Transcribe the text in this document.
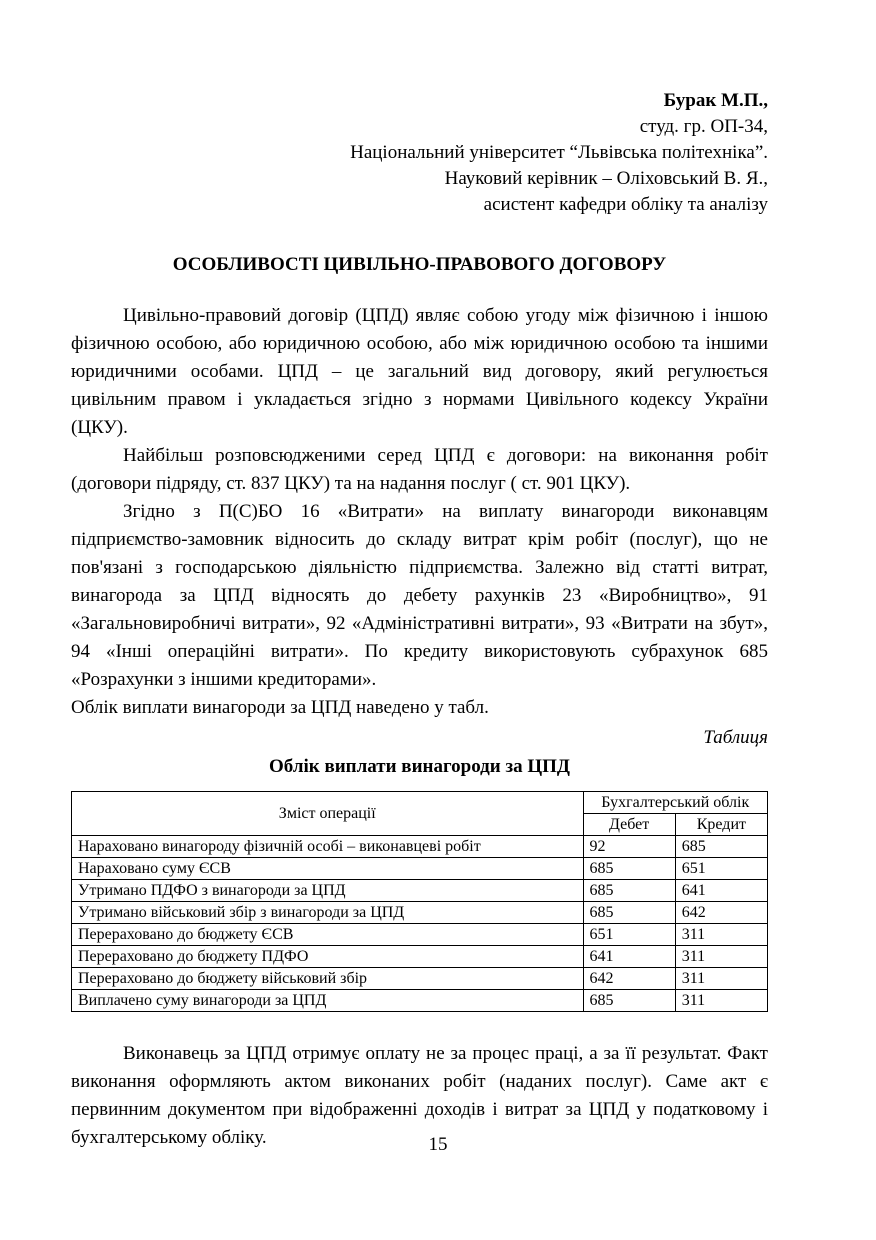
Бурак М.П.,
студ. гр. ОП-34,
Національний університет “Львівська політехніка”.
Науковий керівник – Оліховський В. Я.,
асистент кафедри обліку та аналізу
ОСОБЛИВОСТІ ЦИВІЛЬНО-ПРАВОВОГО ДОГОВОРУ

Цивільно-правовий договір (ЦПД) являє собою угоду між фізичною і іншою фізичною особою, або юридичною особою, або між юридичною особою та іншими юридичними особами. ЦПД – це загальний вид договору, який регулюється цивільним правом і укладається згідно з нормами Цивільного кодексу України (ЦКУ).

Найбільш розповсюдженими серед ЦПД є договори: на виконання робіт (договори підряду, ст. 837 ЦКУ) та на надання послуг ( ст. 901 ЦКУ).

Згідно з П(С)БО 16 «Витрати» на виплату винагороди виконавцям підприємство-замовник відносить до складу витрат крім робіт (послуг), що не пов'язані з господарською діяльністю підприємства. Залежно від статті витрат, винагорода за ЦПД відносять до дебету рахунків 23 «Виробництво», 91 «Загальновиробничі витрати», 92 «Адміністративні витрати», 93 «Витрати на збут», 94 «Інші операційні витрати». По кредиту використовують субрахунок 685 «Розрахунки з іншими кредиторами».

Облік виплати винагороди за ЦПД наведено у табл.

Таблиця
Облік виплати винагороди за ЦПД
Зміст операції	Бухгалтерський облік	
	Дебет	Кредит
Нараховано винагороду фізичній особі – виконавцеві робіт	92	685
Нараховано суму ЄСВ	685	651
Утримано ПДФО з винагороди за ЦПД	685	641
Утримано військовий збір з винагороди за ЦПД	685	642
Перераховано до бюджету ЄСВ	651	311
Перераховано до бюджету ПДФО	641	311
Перераховано до бюджету військовий збір	642	311
Виплачено суму винагороди за ЦПД	685	311

Виконавець за ЦПД отримує оплату не за процес праці, а за її результат. Факт виконання оформляють актом виконаних робіт (наданих послуг). Саме акт є первинним документом при відображенні доходів і витрат за ЦПД у податковому і бухгалтерському обліку.	15
